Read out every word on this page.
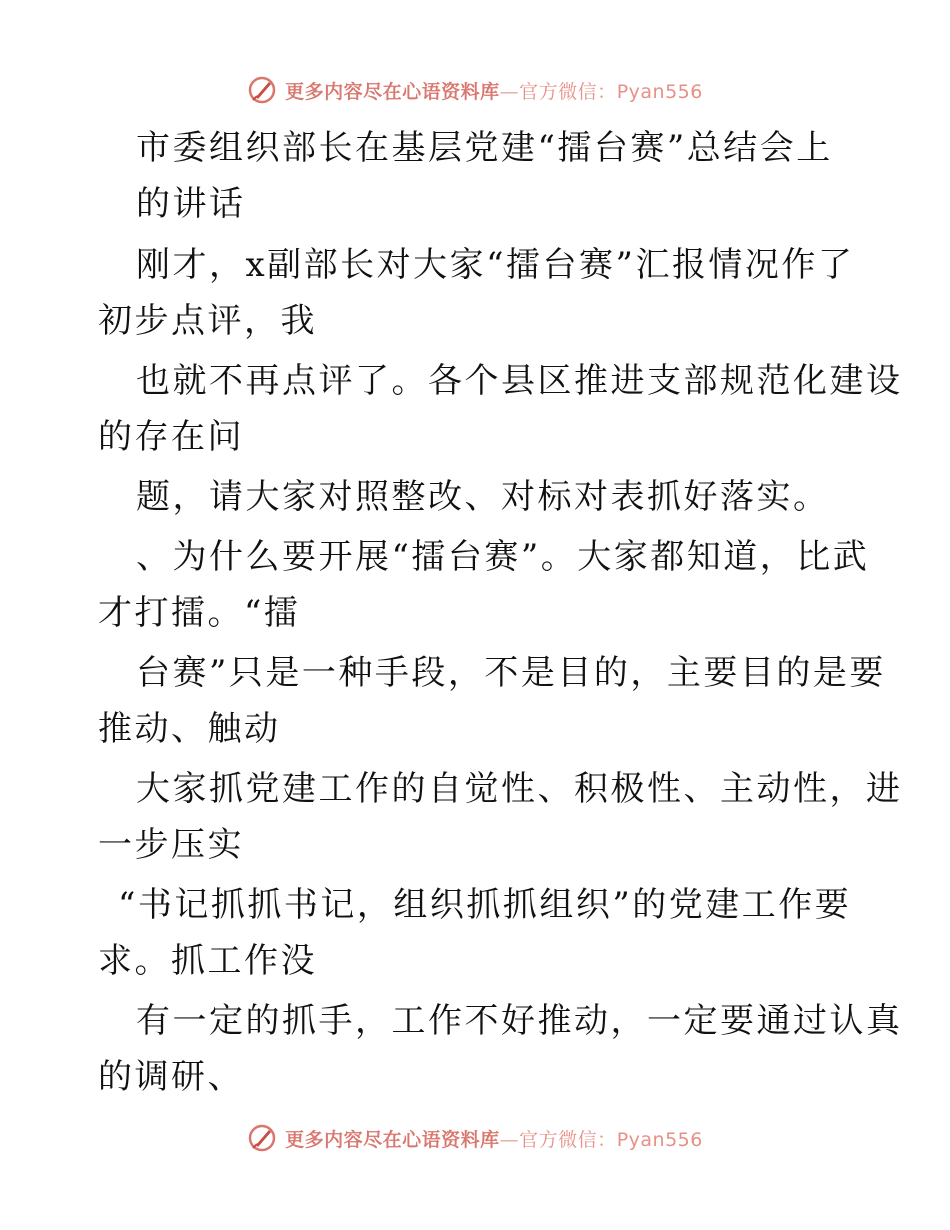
更多内容尽在心语资料库—官方微信：Pyan556
市委组织部长在基层党建“擂台赛”总结会上
的讲话
刚才，x副部长对大家“擂台赛”汇报情况作了
初步点评，我
也就不再点评了。各个县区推进支部规范化建设
的存在问
题，请大家对照整改、对标对表抓好落实。
、为什么要开展“擂台赛”。大家都知道，比武
才打擂。“擂
台赛”只是一种手段，不是目的，主要目的是要
推动、触动
大家抓党建工作的自觉性、积极性、主动性，进
一步压实
“书记抓抓书记，组织抓抓组织”的党建工作要
求。抓工作没
有一定的抓手，工作不好推动，一定要通过认真
的调研、
更多内容尽在心语资料库—官方微信：Pyan556
